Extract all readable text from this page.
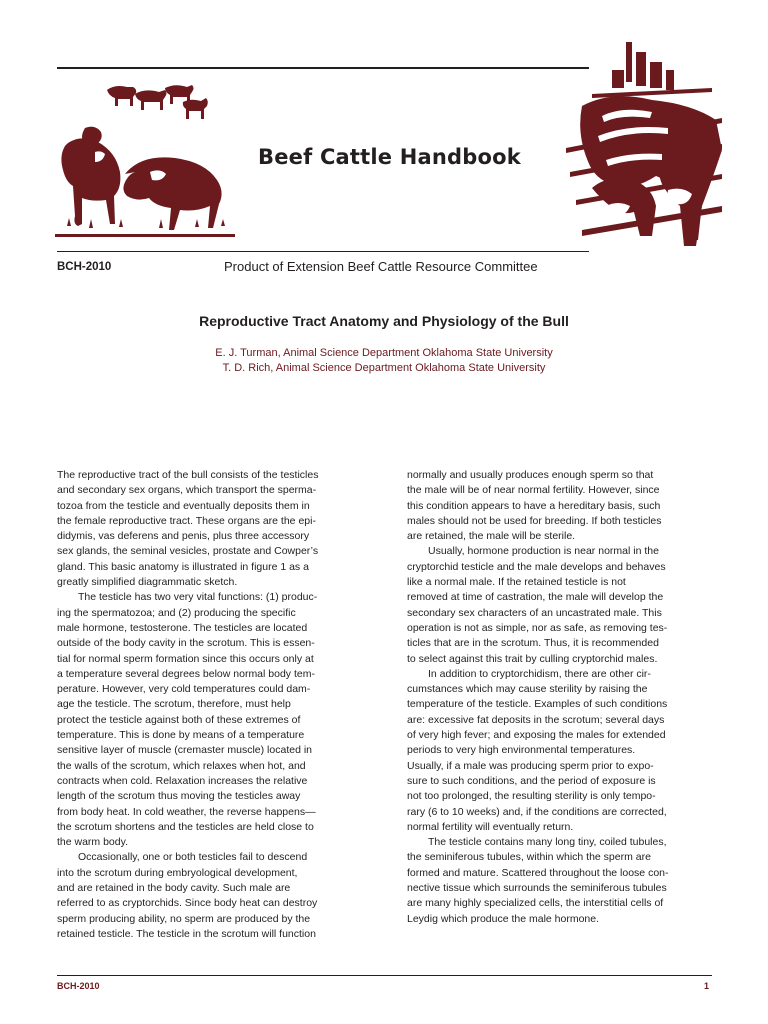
Beef Cattle Handbook
BCH-2010	Product of Extension Beef Cattle Resource Committee
Reproductive Tract Anatomy and Physiology of the Bull
E. J. Turman, Animal Science Department Oklahoma State University
T. D. Rich, Animal Science Department Oklahoma State University

The reproductive tract of the bull consists of the testicles

and secondary sex organs, which transport the sperma-

tozoa from the testicle and eventually deposits them in

the female reproductive tract. These organs are the epi-

didymis, vas deferens and penis, plus three accessory

sex glands, the seminal vesicles, prostate and Cowper’s

gland. This basic anatomy is illustrated in figure 1 as a

greatly simplified diagrammatic sketch.

The testicle has two very vital functions: (1) produc-

ing the spermatozoa; and (2) producing the specific

male hormone, testosterone. The testicles are located

outside of the body cavity in the scrotum. This is essen-

tial for normal sperm formation since this occurs only at

a temperature several degrees below normal body tem-

perature. However, very cold temperatures could dam-

age the testicle. The scrotum, therefore, must help

protect the testicle against both of these extremes of

temperature. This is done by means of a temperature

sensitive layer of muscle (cremaster muscle) located in

the walls of the scrotum, which relaxes when hot, and

contracts when cold. Relaxation increases the relative

length of the scrotum thus moving the testicles away

from body heat. In cold weather, the reverse happens—

the scrotum shortens and the testicles are held close to

the warm body.

Occasionally, one or both testicles fail to descend

into the scrotum during embryological development,

and are retained in the body cavity. Such male are

referred to as cryptorchids. Since body heat can destroy

sperm producing ability, no sperm are produced by the

retained testicle. The testicle in the scrotum will function

normally and usually produces enough sperm so that

the male will be of near normal fertility. However, since

this condition appears to have a hereditary basis, such

males should not be used for breeding. If both testicles

are retained, the male will be sterile.

Usually, hormone production is near normal in the

cryptorchid testicle and the male develops and behaves

like a normal male. If the retained testicle is not

removed at time of castration, the male will develop the

secondary sex characters of an uncastrated male. This

operation is not as simple, nor as safe, as removing tes-

ticles that are in the scrotum. Thus, it is recommended

to select against this trait by culling cryptorchid males.

In addition to cryptorchidism, there are other cir-

cumstances which may cause sterility by raising the

temperature of the testicle. Examples of such conditions

are: excessive fat deposits in the scrotum; several days

of very high fever; and exposing the males for extended

periods to very high environmental temperatures.

Usually, if a male was producing sperm prior to expo-

sure to such conditions, and the period of exposure is

not too prolonged, the resulting sterility is only tempo-

rary (6 to 10 weeks) and, if the conditions are corrected,

normal fertility will eventually return.

The testicle contains many long tiny, coiled tubules,

the seminiferous tubules, within which the sperm are

formed and mature. Scattered throughout the loose con-

nective tissue which surrounds the seminiferous tubules

are many highly specialized cells, the interstitial cells of

Leydig which produce the male hormone.

BCH-2010	1
